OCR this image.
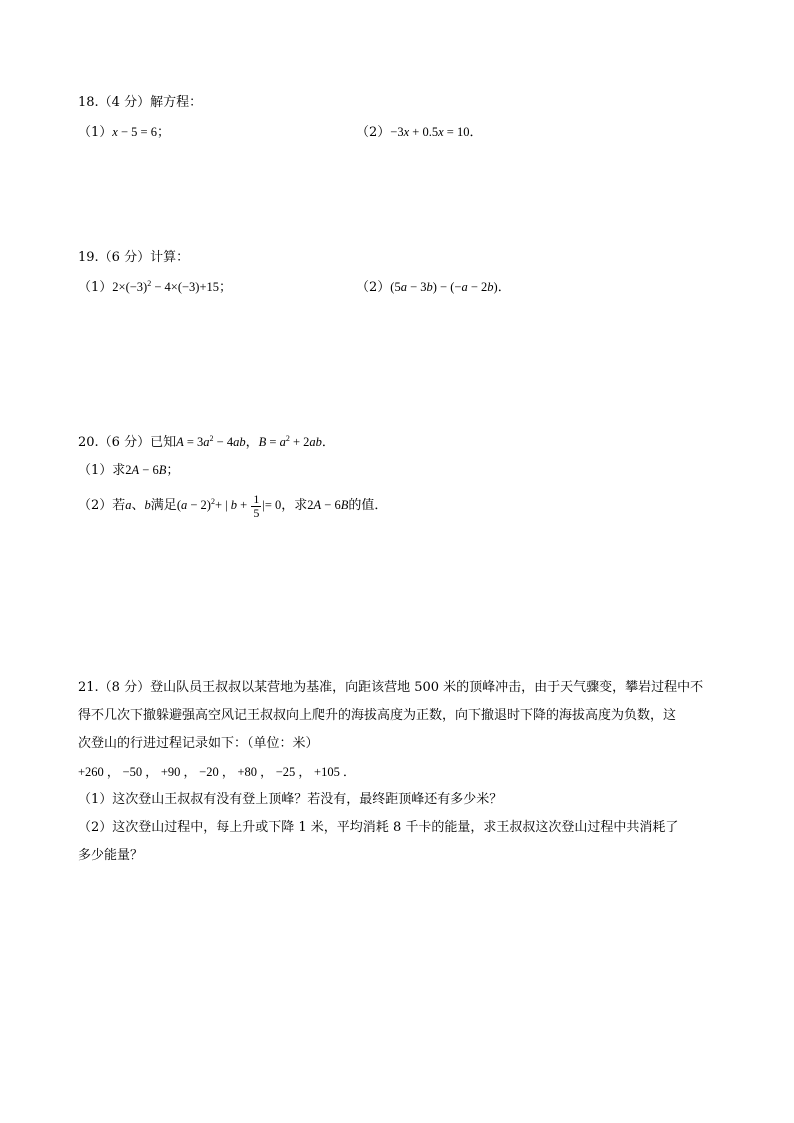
18.（4 分）解方程：
（1）x − 5 = 6；	（2）−3x + 0.5x = 10．
19.（6 分）计算：
$(1)2\times(-3)^2 - 4\times(-3)+15$；	（2）(5a − 3b) − (−a − 2b)．
20.（6 分）已知$A = 3a^2 - 4ab$，$B = a^2 + 2ab$．
（1）求2A − 6B；
（2）若a、b满足$(a - 2)^2+$ | $b + \frac{1}{5}$ |= 0，求2A − 6B的值．
21.（8 分）登山队员王叔叔以某营地为基准，向距该营地 500 米的顶峰冲击，由于天气骤变，攀岩过程中不
得不几次下撤躲避强高空风记王叔叔向上爬升的海拔高度为正数，向下撤退时下降的海拔高度为负数，这
次登山的行进过程记录如下：（单位：米）
+260 ， −50 ， +90 ， −20 ， +80 ， −25 ， +105 ．
（1）这次登山王叔叔有没有登上顶峰？若没有，最终距顶峰还有多少米？
（2）这次登山过程中，每上升或下降 1 米，平均消耗 8 千卡的能量，求王叔叔这次登山过程中共消耗了
多少能量？
